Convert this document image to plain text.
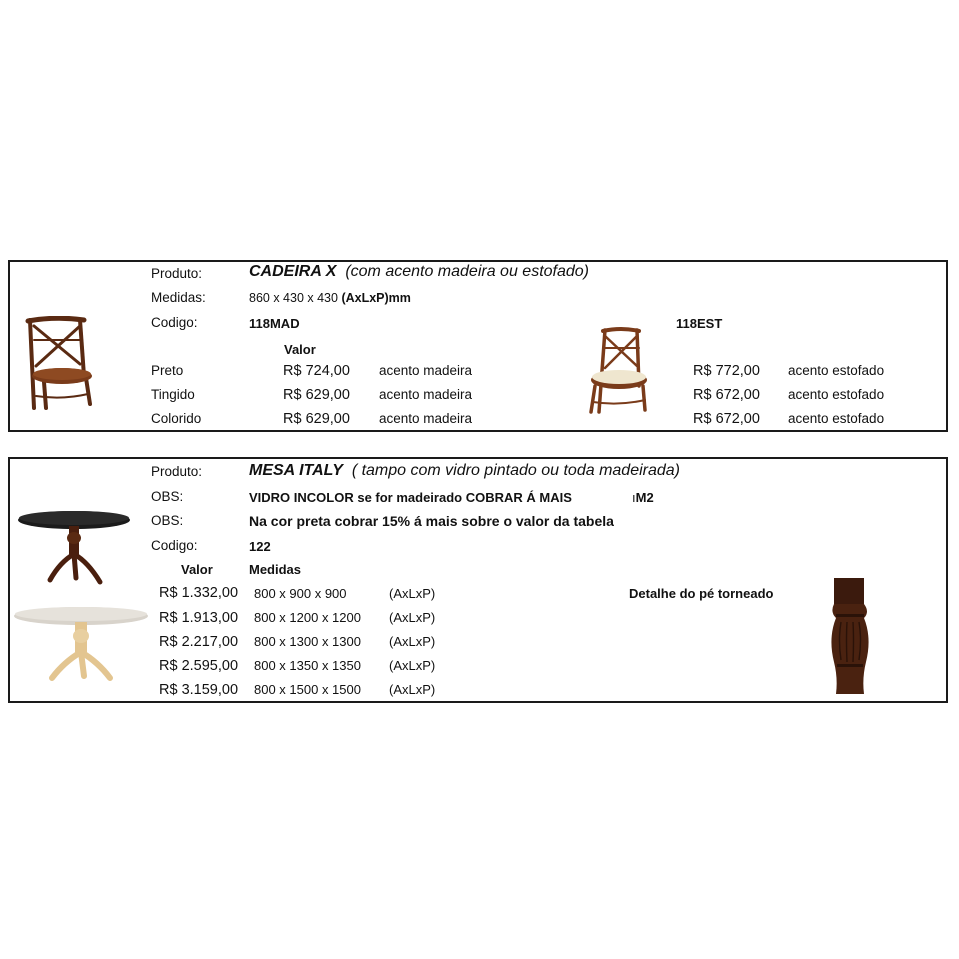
Produto:	CADEIRA X (com acento madeira ou estofado)
Medidas:	860 x 430 x 430 (AxLxP)mm
Codigo:	118MAD	118EST
Valor
Preto	R$ 724,00 acento madeira	R$ 772,00 acento estofado
Tingido	R$ 629,00 acento madeira	R$ 672,00 acento estofado
Colorido	R$ 629,00 acento madeira	R$ 672,00 acento estofado
Produto:	MESA ITALY ( tampo com vidro pintado ou toda madeirada)
OBS:	VIDRO INCOLOR se for madeirado COBRAR Á MAIS	ıM2
OBS:	Na cor preta cobrar 15% á mais sobre o valor da tabela
Codigo:	122
Valor	Medidas
R$ 1.332,00 800 x 900 x 900	(AxLxP)
R$ 1.913,00 800 x 1200 x 1200 (AxLxP)
R$ 2.217,00 800 x 1300 x 1300 (AxLxP)
R$ 2.595,00 800 x 1350 x 1350 (AxLxP)
R$ 3.159,00 800 x 1500 x 1500 (AxLxP)
Detalhe do pé torneado
